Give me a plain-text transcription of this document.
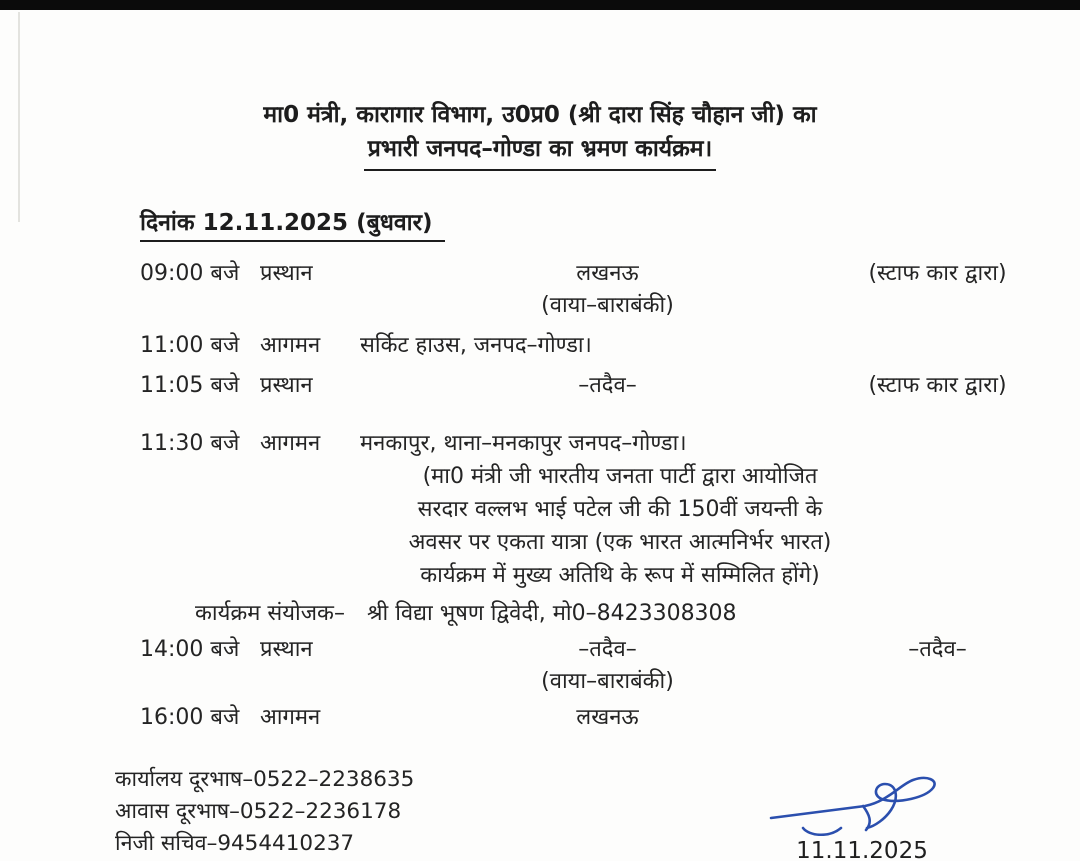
मा0 मंत्री, कारागार विभाग, उ0प्र0 (श्री दारा सिंह चौहान जी) का
प्रभारी जनपद–गोण्डा का भ्रमण कार्यक्रम।
दिनांक 12.11.2025 (बुधवार)
09:00 बजे प्रस्थान	लखनऊ	(स्टाफ कार द्वारा)
(वाया–बाराबंकी)
11:00 बजे आगमन	सर्किट हाउस, जनपद–गोण्डा।
11:05 बजे प्रस्थान	–तदैव–	(स्टाफ कार द्वारा)
11:30 बजे आगमन	मनकापुर, थाना–मनकापुर जनपद–गोण्डा।
(मा0 मंत्री जी भारतीय जनता पार्टी द्वारा आयोजित
सरदार वल्लभ भाई पटेल जी की 150वीं जयन्ती के
अवसर पर एकता यात्रा (एक भारत आत्मनिर्भर भारत)
कार्यक्रम में मुख्य अतिथि के रूप में सम्मिलित होंगे)
कार्यक्रम संयोजक– श्री विद्या भूषण द्विवेदी, मो0–8423308308
14:00 बजे प्रस्थान	–तदैव–	–तदैव–
(वाया–बाराबंकी)
16:00 बजे आगमन	लखनऊ
कार्यालय दूरभाष–0522–2238635
आवास दूरभाष–0522–2236178
निजी सचिव–9454410237	11.11.2025
